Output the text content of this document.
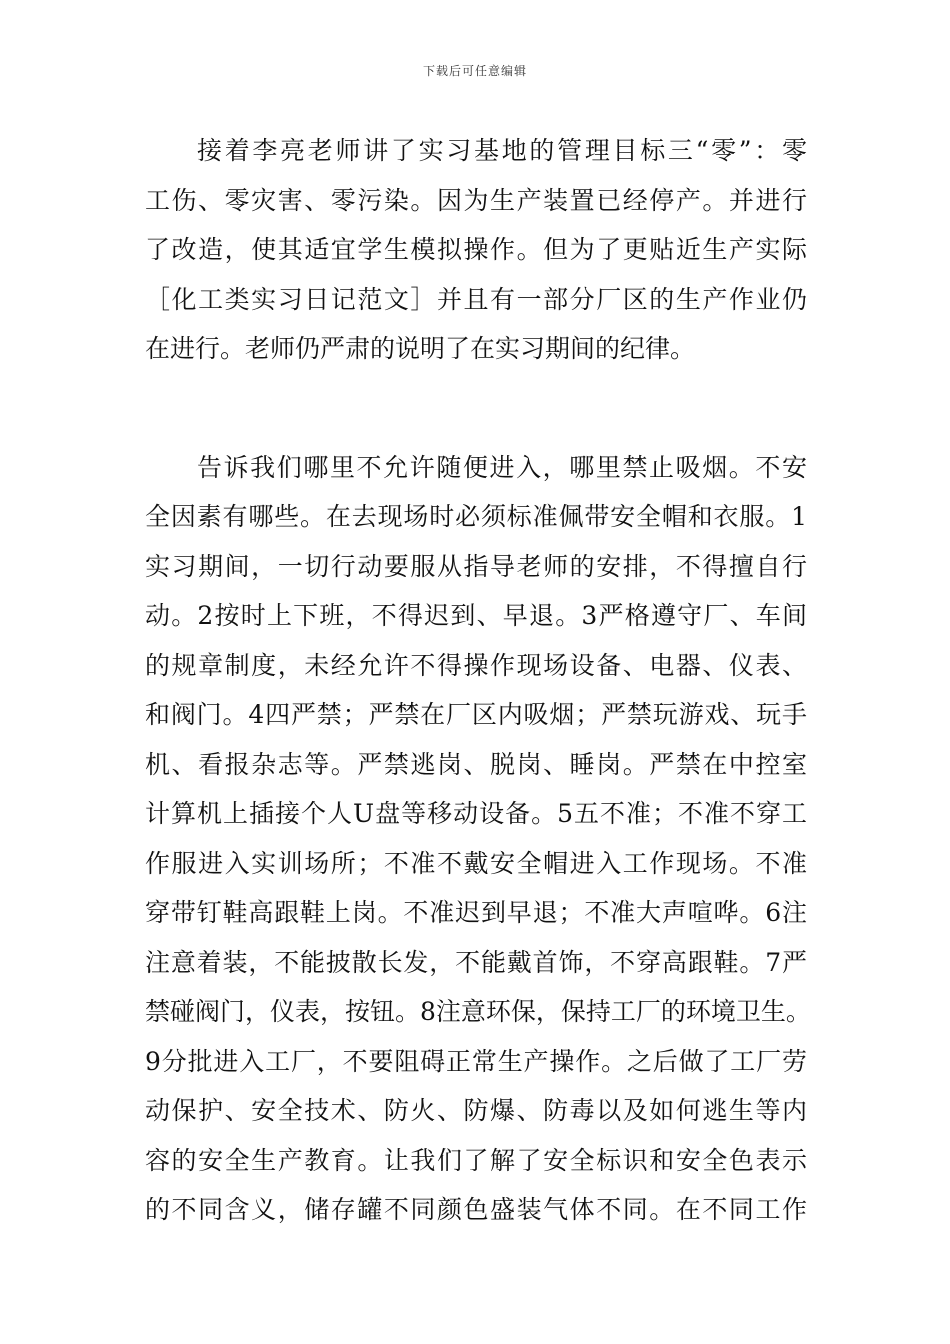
下载后可任意编辑

接着李亮老师讲了实习基地的管理目标三“零”：零
工伤、零灾害、零污染。因为生产装置已经停产。并进行
了改造，使其适宜学生模拟操作。但为了更贴近生产实际
［化工类实习日记范文］并且有一部分厂区的生产作业仍
在进行。老师仍严肃的说明了在实习期间的纪律。

告诉我们哪里不允许随便进入，哪里禁止吸烟。不安
全因素有哪些。在去现场时必须标准佩带安全帽和衣服。1
实习期间，一切行动要服从指导老师的安排，不得擅自行
动。2按时上下班，不得迟到、早退。3严格遵守厂、车间
的规章制度，未经允许不得操作现场设备、电器、仪表、
和阀门。4四严禁；严禁在厂区内吸烟；严禁玩游戏、玩手
机、看报杂志等。严禁逃岗、脱岗、睡岗。严禁在中控室
计算机上插接个人U盘等移动设备。5五不准；不准不穿工
作服进入实训场所；不准不戴安全帽进入工作现场。不准
穿带钉鞋高跟鞋上岗。不准迟到早退；不准大声喧哗。6注
注意着装，不能披散长发，不能戴首饰，不穿高跟鞋。7严
禁碰阀门，仪表，按钮。8注意环保，保持工厂的环境卫生。
9分批进入工厂，不要阻碍正常生产操作。之后做了工厂劳
动保护、安全技术、防火、防爆、防毒以及如何逃生等内
容的安全生产教育。让我们了解了安全标识和安全色表示
的不同含义，储存罐不同颜色盛装气体不同。在不同工作
